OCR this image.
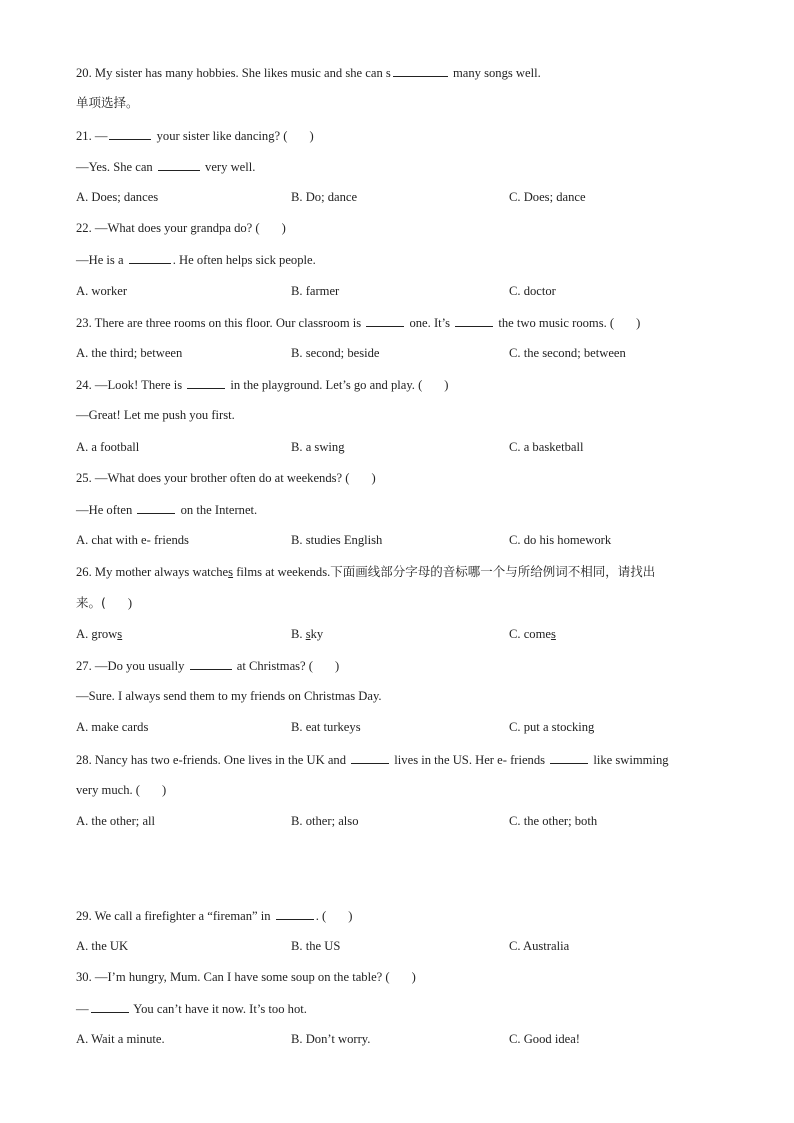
20. My sister has many hobbies. She likes music and she can s	many songs well.
单项选择。
21. —	your sister like dancing? ( )
—Yes. She can	very well.
A. Does; dances	B. Do; dance	C. Does; dance
22. —What does your grandpa do? ( )
—He is a	. He often helps sick people.
A. worker	B. farmer	C. doctor
23. There are three rooms on this floor. Our classroom is	one. It’s	the two music rooms. ( )
A. the third; between	B. second; beside	C. the second; between
24. —Look! There is	in the playground. Let’s go and play. ( )
—Great! Let me push you first.
A. a football	B. a swing	C. a basketball
25. —What does your brother often do at weekends? ( )
—He often	on the Internet.
A. chat with e- friends	B. studies English	C. do his homework
26. My mother always watches films at weekends.下面画线部分字母的音标哪一个与所给例词不相同，请找出
来。( )
A. grows	B. sky	C. comes
27. —Do you usually	at Christmas? ( )
—Sure. I always send them to my friends on Christmas Day.
A. make cards	B. eat turkeys	C. put a stocking
28. Nancy has two e-friends. One lives in the UK and	lives in the US. Her e- friends	like swimming
very much. ( )
A. the other; all	B. other; also	C. the other; both
29. We call a firefighter a “fireman” in	. ( )
A. the UK	B. the US	C. Australia
30. —I’m hungry, Mum. Can I have some soup on the table? ( )
—	You can’t have it now. It’s too hot.
A. Wait a minute.	B. Don’t worry.	C. Good idea!
